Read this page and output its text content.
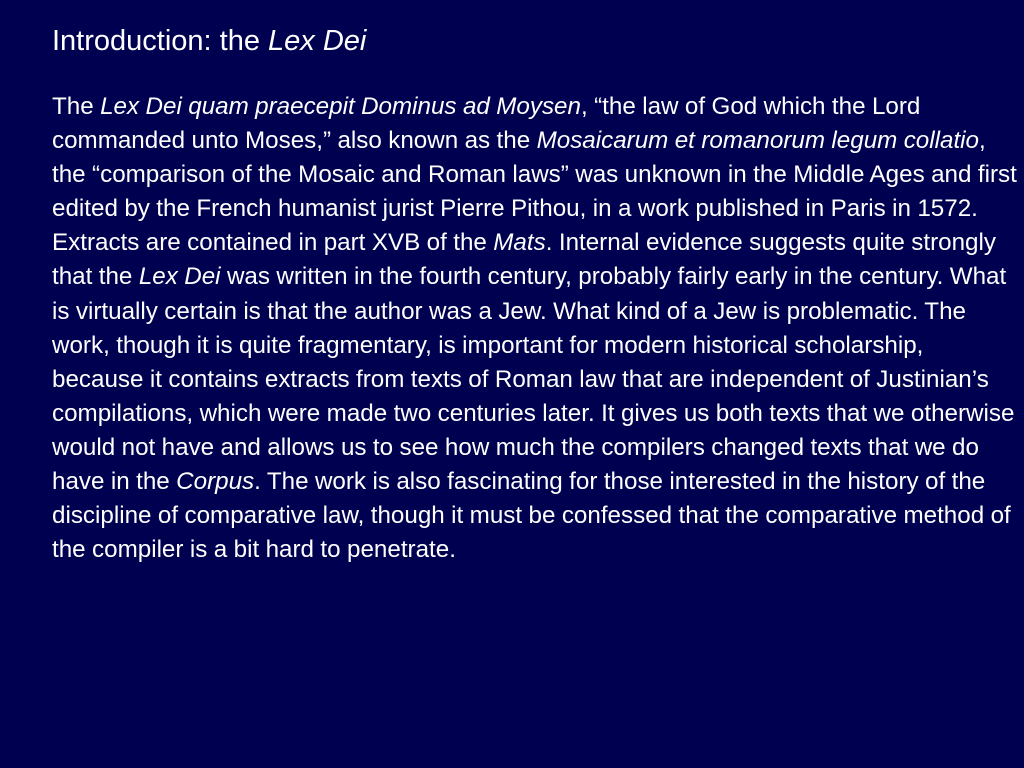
Introduction: the Lex Dei

The Lex Dei quam praecepit Dominus ad Moysen, “the law of God which the Lord commanded unto Moses,” also known as the Mosaicarum et romanorum legum collatio, the “comparison of the Mosaic and Roman laws” was unknown in the Middle Ages and first edited by the French humanist jurist Pierre Pithou, in a work published in Paris in 1572. Extracts are contained in part XVB of the Mats. Internal evidence suggests quite strongly that the Lex Dei was written in the fourth century, probably fairly early in the century. What is virtually certain is that the author was a Jew. What kind of a Jew is problematic. The work, though it is quite fragmentary, is important for modern historical scholarship, because it contains extracts from texts of Roman law that are independent of Justinian’s compilations, which were made two centuries later. It gives us both texts that we otherwise would not have and allows us to see how much the compilers changed texts that we do have in the Corpus. The work is also fascinating for those interested in the history of the discipline of comparative law, though it must be confessed that the comparative method of the compiler is a bit hard to penetrate.
